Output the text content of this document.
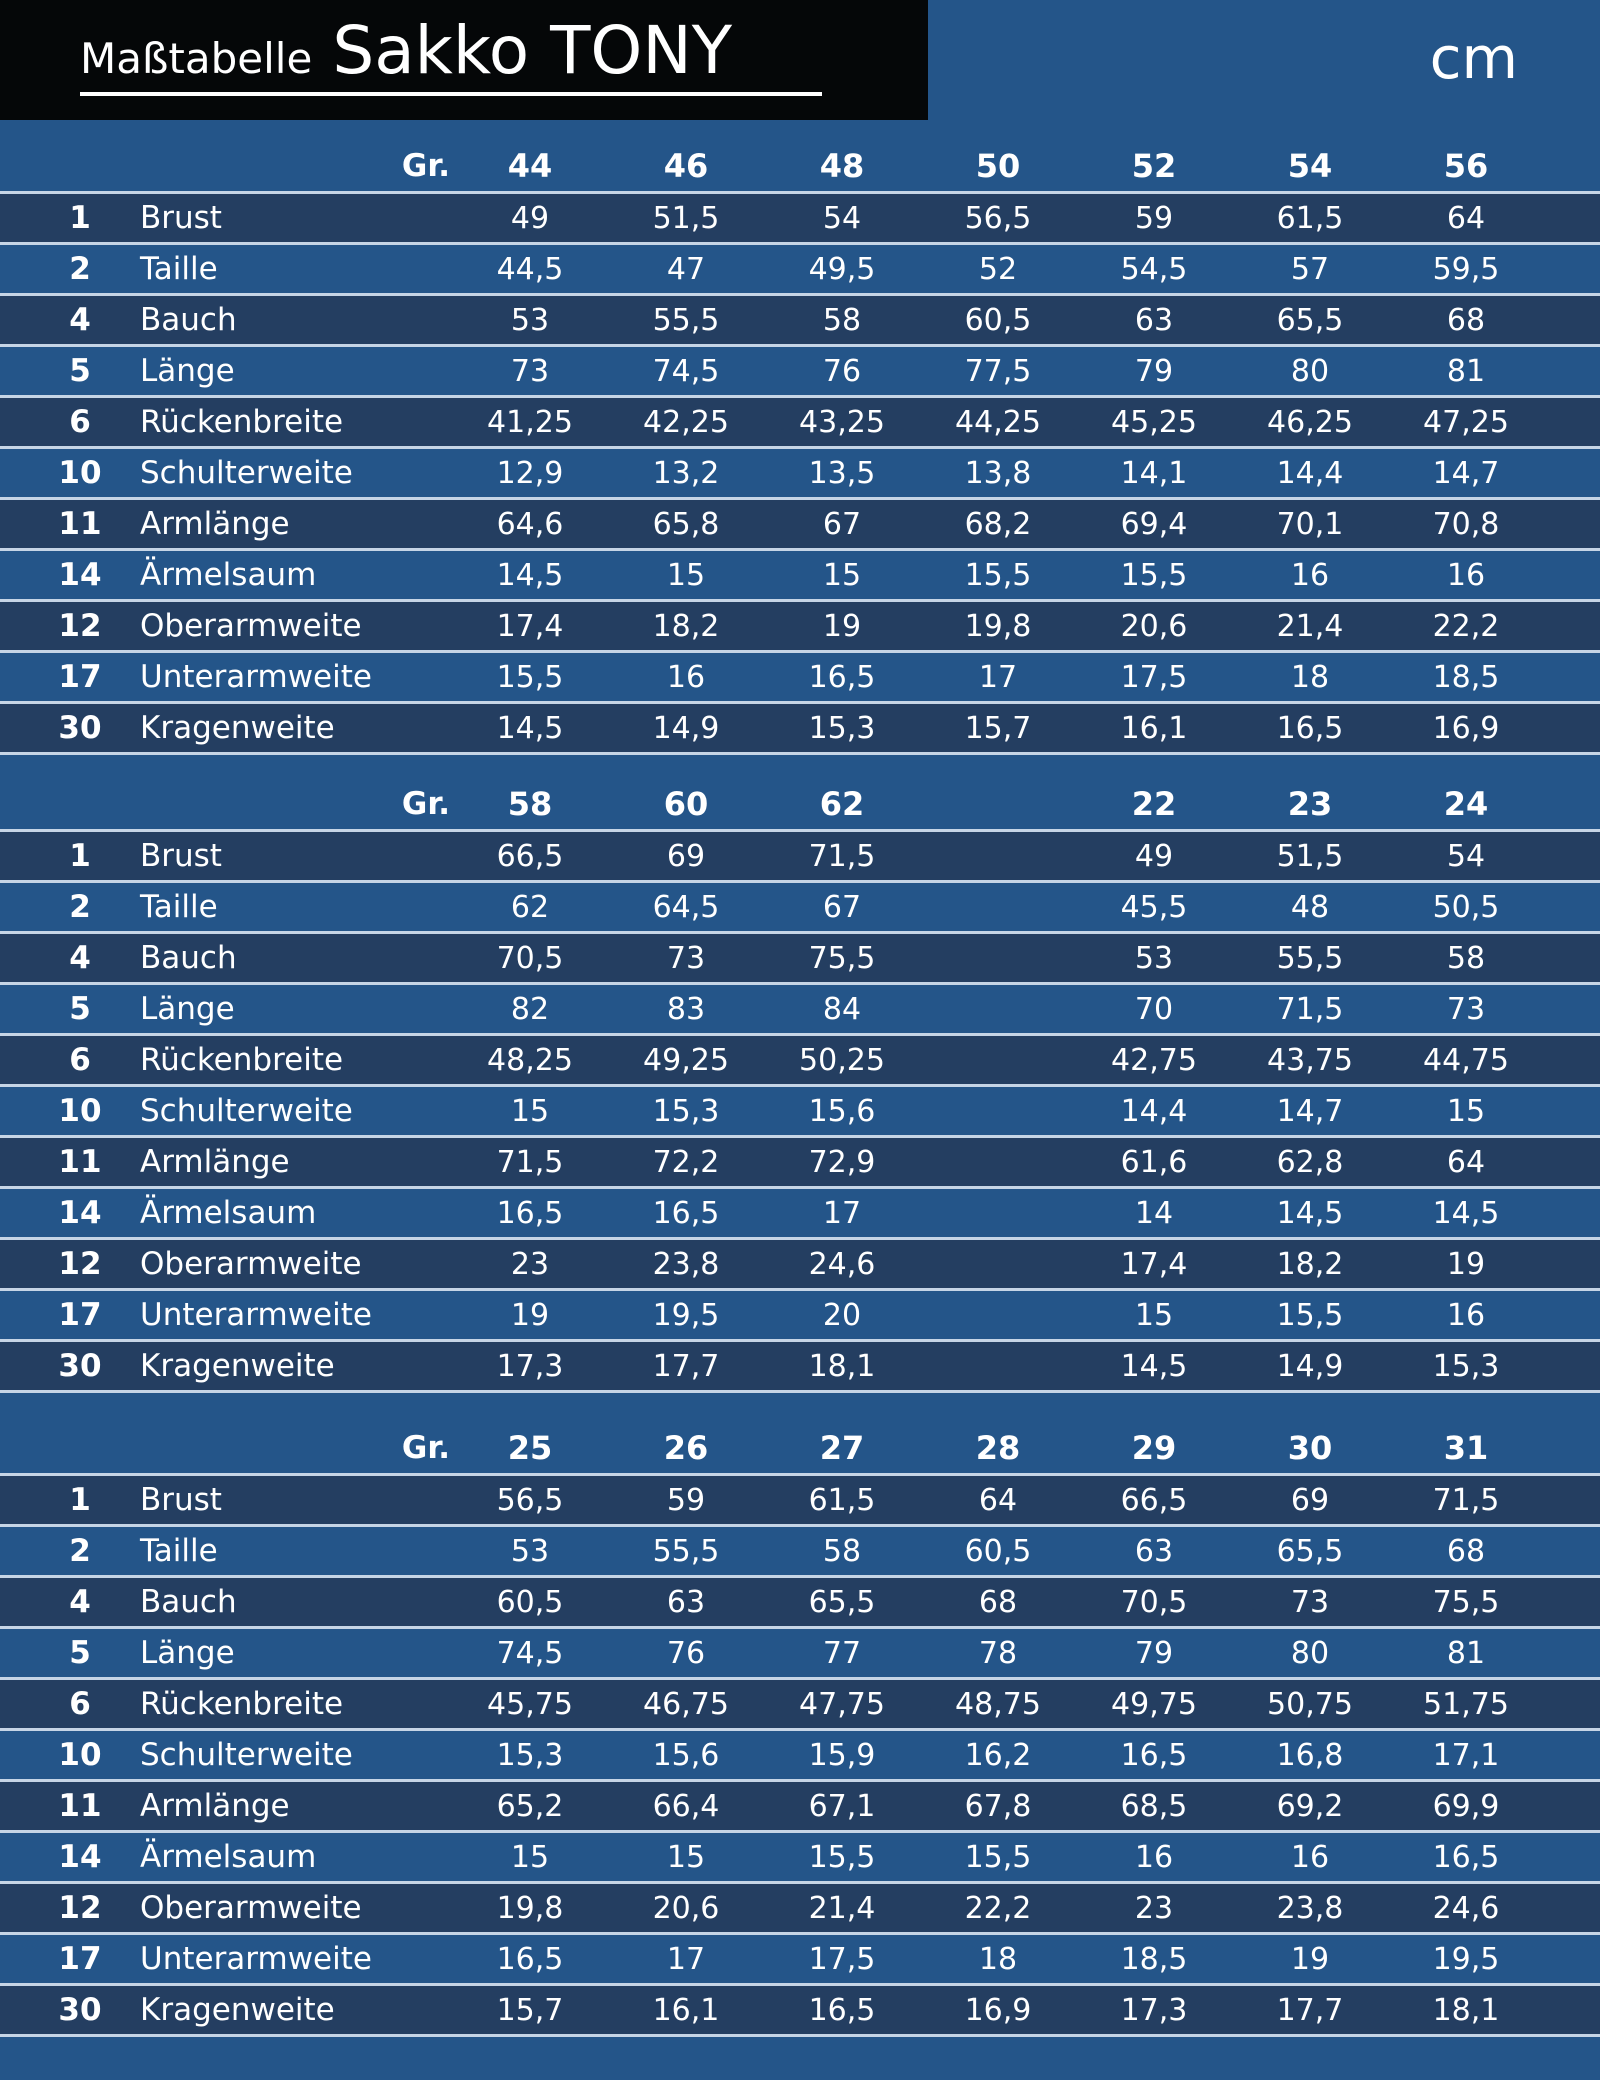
Maßtabelle Sakko TONY	cm
Gr.	44	46	48	50	52	54	56
1	Brust	49	51,5	54	56,5	59	61,5	64
2	Taille	44,5	47	49,5	52	54,5	57	59,5
4	Bauch	53	55,5	58	60,5	63	65,5	68
5	Länge	73	74,5	76	77,5	79	80	81
6	Rückenbreite	41,25	42,25	43,25	44,25	45,25	46,25	47,25
10	Schulterweite	12,9	13,2	13,5	13,8	14,1	14,4	14,7
11	Armlänge	64,6	65,8	67	68,2	69,4	70,1	70,8
14	Ärmelsaum	14,5	15	15	15,5	15,5	16	16
12	Oberarmweite	17,4	18,2	19	19,8	20,6	21,4	22,2
17	Unterarmweite	15,5	16	16,5	17	17,5	18	18,5
30	Kragenweite	14,5	14,9	15,3	15,7	16,1	16,5	16,9
Gr.	58	60	62	22	23	24
1	Brust	66,5	69	71,5	49	51,5	54
2	Taille	62	64,5	67	45,5	48	50,5
4	Bauch	70,5	73	75,5	53	55,5	58
5	Länge	82	83	84	70	71,5	73
6	Rückenbreite	48,25	49,25	50,25	42,75	43,75	44,75
10	Schulterweite	15	15,3	15,6	14,4	14,7	15
11	Armlänge	71,5	72,2	72,9	61,6	62,8	64
14	Ärmelsaum	16,5	16,5	17	14	14,5	14,5
12	Oberarmweite	23	23,8	24,6	17,4	18,2	19
17	Unterarmweite	19	19,5	20	15	15,5	16
30	Kragenweite	17,3	17,7	18,1	14,5	14,9	15,3
Gr.	25	26	27	28	29	30	31
1	Brust	56,5	59	61,5	64	66,5	69	71,5
2	Taille	53	55,5	58	60,5	63	65,5	68
4	Bauch	60,5	63	65,5	68	70,5	73	75,5
5	Länge	74,5	76	77	78	79	80	81
6	Rückenbreite	45,75	46,75	47,75	48,75	49,75	50,75	51,75
10	Schulterweite	15,3	15,6	15,9	16,2	16,5	16,8	17,1
11	Armlänge	65,2	66,4	67,1	67,8	68,5	69,2	69,9
14	Ärmelsaum	15	15	15,5	15,5	16	16	16,5
12	Oberarmweite	19,8	20,6	21,4	22,2	23	23,8	24,6
17	Unterarmweite	16,5	17	17,5	18	18,5	19	19,5
30	Kragenweite	15,7	16,1	16,5	16,9	17,3	17,7	18,1
